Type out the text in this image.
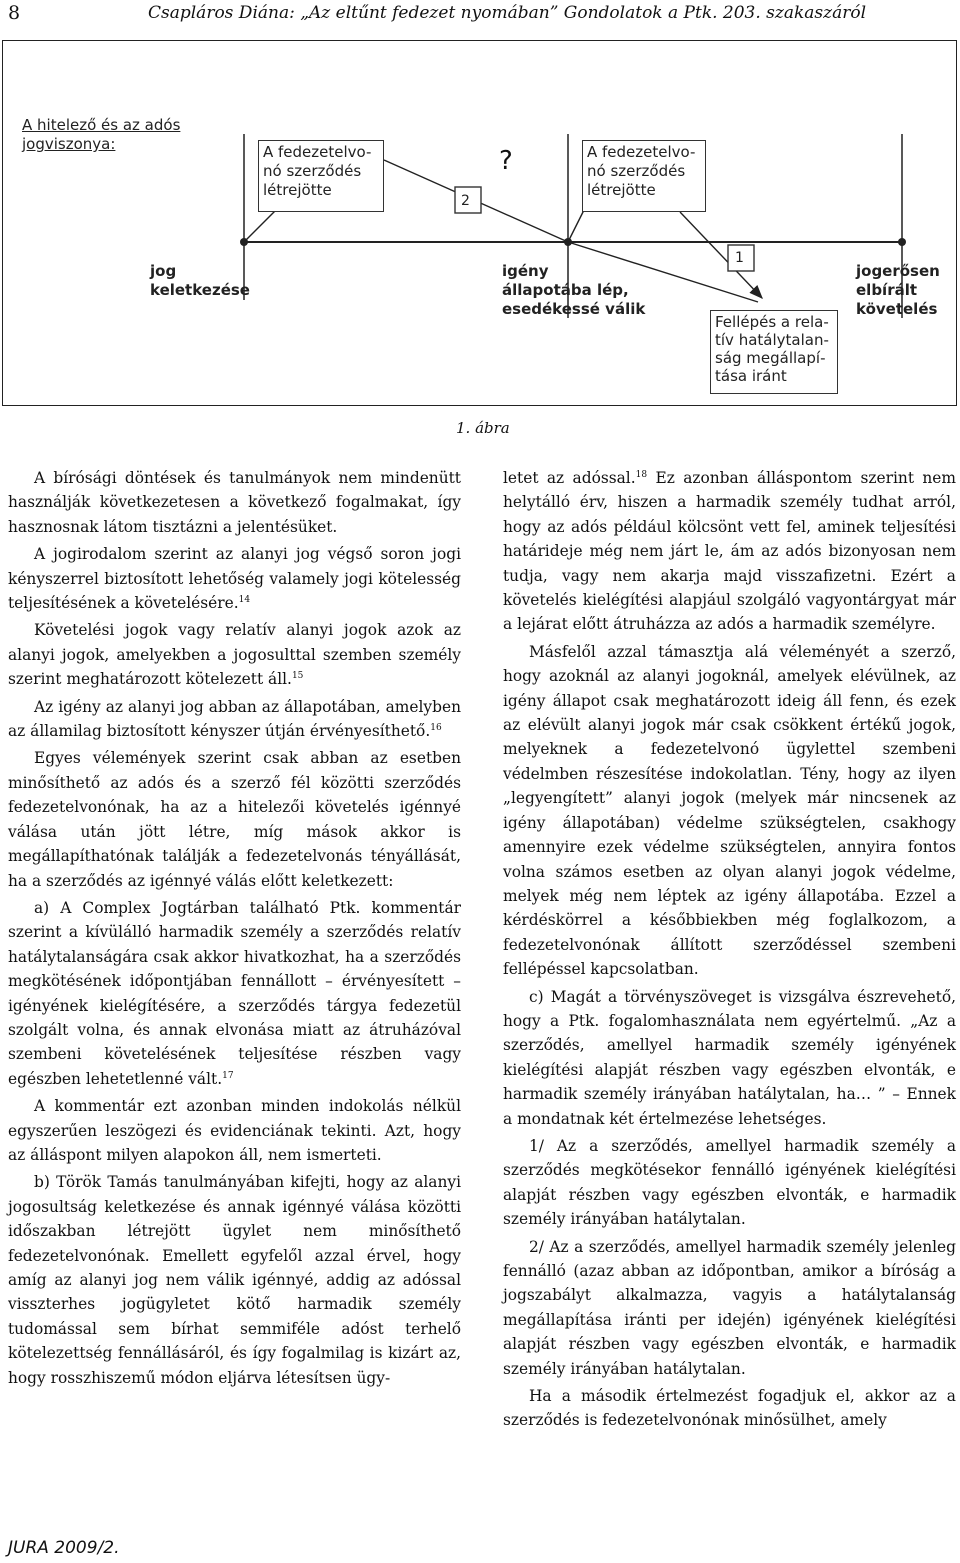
8	Csapláros Diána: „Az eltűnt fedezet nyomában” Gondolatok a Ptk. 203. szakaszáról
A hitelező és az adós jogviszonya:	A fedezetelvo-
nó szerződés
létrejötte
A fedezetelvo-
nó szerződés
létrejötte
2
?
1
jog
keletkezése
igény
állapotába lép,
esedékessé válik
jogerősen
elbírált
követelés
Fellépés a rela-
tív hatálytalan-
ság megállapí-
tása iránt
1. ábra

A bírósági döntések és tanulmányok nem mindenütt használják következetesen a következő fogalmakat, így hasznosnak látom tisztázni a jelentésüket.

A jogirodalom szerint az alanyi jog végső soron jogi kényszerrel biztosított lehetőség valamely jogi kötelesség teljesítésének a követelésére.$^{14}$

Követelési jogok vagy relatív alanyi jogok azok az alanyi jogok, amelyekben a jogosulttal szemben személy szerint meghatározott kötelezett áll.$^{15}$

Az igény az alanyi jog abban az állapotában, amelyben az államilag biztosított kényszer útján érvényesíthető.$^{16}$

Egyes vélemények szerint csak abban az esetben minősíthető az adós és a szerző fél közötti szerződés fedezetelvonónak, ha az a hitelezői követelés igénnyé válása után jött létre, míg mások akkor is megállapíthatónak találják a fedezetelvonás tényállását, ha a szerződés az igénnyé válás előtt keletkezett:

a) A Complex Jogtárban található Ptk. kommentár szerint a kívülálló harmadik személy a szerződés relatív hatálytalanságára csak akkor hivatkozhat, ha a szerződés megkötésének időpontjában fennállott – érvényesített – igényének kielégítésére, a szerződés tárgya fedezetül szolgált volna, és annak elvonása miatt az átruházóval szembeni követelésének teljesítése részben vagy egészben lehetetlenné vált.$^{17}$

A kommentár ezt azonban minden indokolás nélkül egyszerűen leszögezi és evidenciának tekinti. Azt, hogy az álláspont milyen alapokon áll, nem ismerteti.

b) Török Tamás tanulmányában kifejti, hogy az alanyi jogosultság keletkezése és annak igénnyé válása közötti időszakban létrejött ügylet nem minősíthető fedezetelvonónak. Emellett egyfelől azzal érvel, hogy amíg az alanyi jog nem válik igénnyé, addig az adóssal visszterhes jogügyletet kötő harmadik személy tudomással sem bírhat semmiféle adóst terhelő kötelezettség fennállásáról, és így fogalmilag is kizárt az, hogy rosszhiszemű módon eljárva létesítsen ügy-

letet az adóssal.$^{18}$ Ez azonban álláspontom szerint nem helytálló érv, hiszen a harmadik személy tudhat arról, hogy az adós például kölcsönt vett fel, aminek teljesítési határideje még nem járt le, ám az adós bizonyosan nem tudja, vagy nem akarja majd visszafizetni. Ezért a követelés kielégítési alapjául szolgáló vagyontárgyat már a lejárat előtt átruházza az adós a harmadik személyre.

Másfelől azzal támasztja alá véleményét a szerző, hogy azoknál az alanyi jogoknál, amelyek elévülnek, az igény állapot csak meghatározott ideig áll fenn, és ezek az elévült alanyi jogok már csak csökkent értékű jogok, melyeknek a fedezetelvonó ügylettel szembeni védelmben részesítése indokolatlan. Tény, hogy az ilyen „legyengített” alanyi jogok (melyek már nincsenek az igény állapotában) védelme szükségtelen, csakhogy amennyire ezek védelme szükségtelen, annyira fontos volna számos esetben az olyan alanyi jogok védelme, melyek még nem léptek az igény állapotába. Ezzel a kérdéskörrel a későbbiekben még foglalkozom, a fedezetelvonónak állított szerződéssel szembeni fellépéssel kapcsolatban.

c) Magát a törvényszöveget is vizsgálva észrevehető, hogy a Ptk. fogalomhasználata nem egyértelmű. „Az a szerződés, amellyel harmadik személy igényének kielégítési alapját részben vagy egészben elvonták, e harmadik személy irányában hatálytalan, ha… ” – Ennek a mondatnak két értelmezése lehetséges.

1/ Az a szerződés, amellyel harmadik személy a szerződés megkötésekor fennálló igényének kielégítési alapját részben vagy egészben elvonták, e harmadik személy irányában hatálytalan.

2/ Az a szerződés, amellyel harmadik személy jelenleg fennálló (azaz abban az időpontban, amikor a bíróság a jogszabályt alkalmazza, vagyis a hatálytalanság megállapítása iránti per idején) igényének kielégítési alapját részben vagy egészben elvonták, e harmadik személy irányában hatálytalan.

Ha a második értelmezést fogadjuk el, akkor az a szerződés is fedezetelvonónak minősülhet, amely

JURA 2009/2.
